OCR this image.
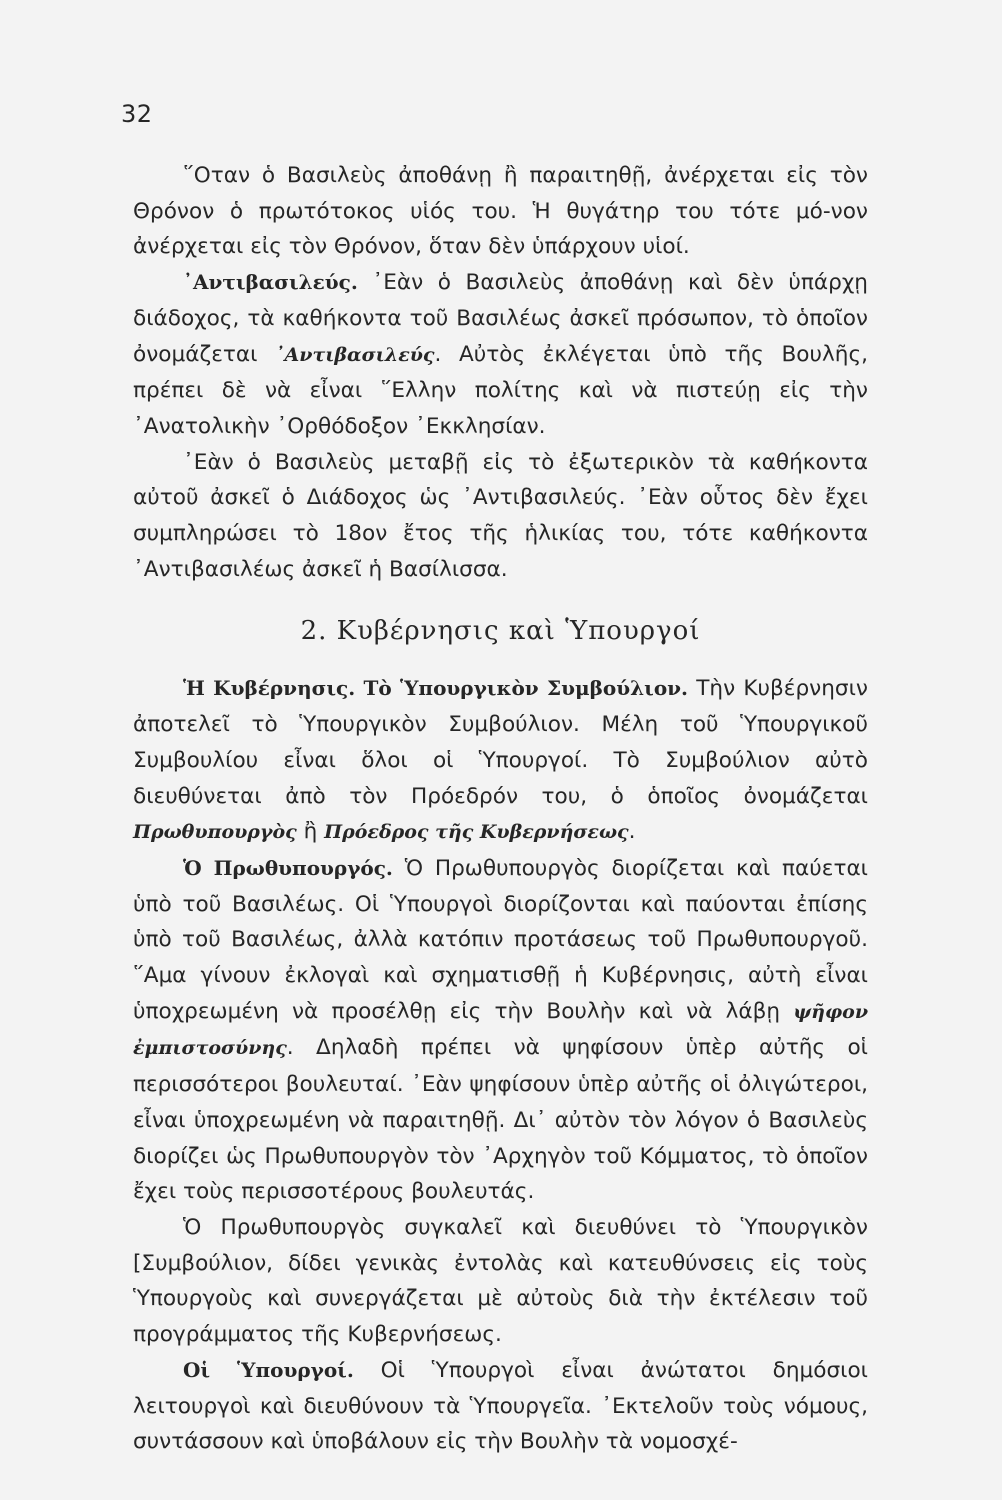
32

῞Οταν ὁ Βασιλεὺς ἀποθάνῃ ἢ παραιτηθῇ, ἀνέρχεται εἰς τὸν Θρόνον ὁ πρωτότοκος υἱός του. Ἡ θυγάτηρ του τότε μό-νον ἀνέρχεται εἰς τὸν Θρόνον, ὅταν δὲν ὑπάρχουν υἱοί.

᾿Αντιβασιλεύς. ᾿Εὰν ὁ Βασιλεὺς ἀποθάνῃ καὶ δὲν ὑπάρχῃ διάδοχος, τὰ καθήκοντα τοῦ Βασιλέως ἀσκεῖ πρόσωπον, τὸ ὁποῖον ὀνομάζεται ᾿Αντιβασιλεύς. Αὐτὸς ἐκλέγεται ὑπὸ τῆς Βουλῆς, πρέπει δὲ νὰ εἶναι ῞Ελλην πολίτης καὶ νὰ πιστεύῃ εἰς τὴν ᾿Ανατολικὴν ᾿Ορθόδοξον ᾿Εκκλησίαν.

᾿Εὰν ὁ Βασιλεὺς μεταβῇ εἰς τὸ ἐξωτερικὸν τὰ καθήκοντα αὐτοῦ ἀσκεῖ ὁ Διάδοχος ὡς ᾿Αντιβασιλεύς. ᾿Εὰν οὗτος δὲν ἔχει συμπληρώσει τὸ 18ον ἔτος τῆς ἡλικίας του, τότε καθήκοντα ᾿Αντιβασιλέως ἀσκεῖ ἡ Βασίλισσα.

2. Κυβέρνησις καὶ Ὑπουργοί

Ἡ Κυβέρνησις. Τὸ Ὑπουργικὸν Συμβούλιον. Τὴν Κυβέρνησιν ἀποτελεῖ τὸ Ὑπουργικὸν Συμβούλιον. Μέλη τοῦ Ὑπουργικοῦ Συμβουλίου εἶναι ὅλοι οἱ Ὑπουργοί. Τὸ Συμβούλιον αὐτὸ διευθύνεται ἀπὸ τὸν Πρόεδρόν του, ὁ ὁποῖος ὀνομάζεται Πρωθυπουργὸς ἢ Πρόεδρος τῆς Κυβερνήσεως.

Ὁ Πρωθυπουργός. Ὁ Πρωθυπουργὸς διορίζεται καὶ παύεται ὑπὸ τοῦ Βασιλέως. Οἱ Ὑπουργοὶ διορίζονται καὶ παύονται ἐπίσης ὑπὸ τοῦ Βασιλέως, ἀλλὰ κατόπιν προτάσεως τοῦ Πρωθυπουργοῦ. ῞Αμα γίνουν ἐκλογαὶ καὶ σχηματισθῇ ἡ Κυβέρνησις, αὐτὴ εἶναι ὑποχρεωμένη νὰ προσέλθῃ εἰς τὴν Βουλὴν καὶ νὰ λάβῃ ψῆφον ἐμπιστοσύνης. Δηλαδὴ πρέπει νὰ ψηφίσουν ὑπὲρ αὐτῆς οἱ περισσότεροι βουλευταί. ᾿Εὰν ψηφίσουν ὑπὲρ αὐτῆς οἱ ὀλιγώτεροι, εἶναι ὑποχρεωμένη νὰ παραιτηθῇ. Δι᾿ αὐτὸν τὸν λόγον ὁ Βασιλεὺς διορίζει ὡς Πρωθυπουργὸν τὸν ᾿Αρχηγὸν τοῦ Κόμματος, τὸ ὁποῖον ἔχει τοὺς περισσοτέρους βουλευτάς.

Ὁ Πρωθυπουργὸς συγκαλεῖ καὶ διευθύνει τὸ Ὑπουργικὸν [Συμβούλιον, δίδει γενικὰς ἐντολὰς καὶ κατευθύνσεις εἰς τοὺς Ὑπουργοὺς καὶ συνεργάζεται μὲ αὐτοὺς διὰ τὴν ἐκτέλεσιν τοῦ προγράμματος τῆς Κυβερνήσεως.

Οἱ Ὑπουργοί. Οἱ Ὑπουργοὶ εἶναι ἀνώτατοι δημόσιοι λειτουργοὶ καὶ διευθύνουν τὰ Ὑπουργεῖα. ᾿Εκτελοῦν τοὺς νόμους, συντάσσουν καὶ ὑποβάλουν εἰς τὴν Βουλὴν τὰ νομοσχέ-
